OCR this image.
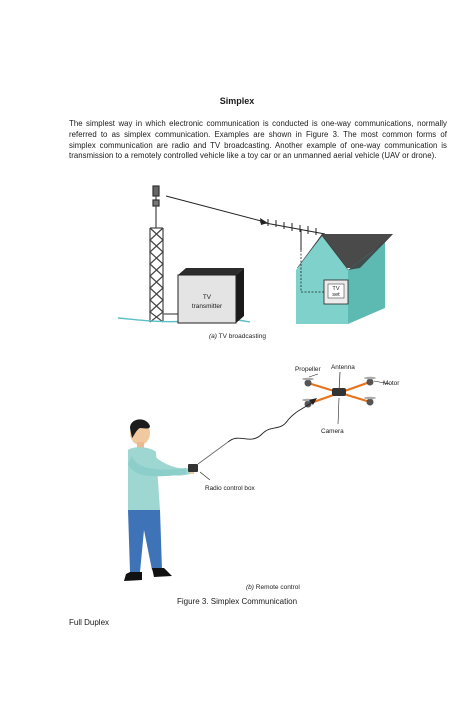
Simplex

The simplest way in which electronic communication is conducted is one-way communications, normally referred to as simplex communication. Examples are shown in Figure 3. The most common forms of simplex communication are radio and TV broadcasting. Another example of one-way communication is transmission to a remotely controlled vehicle like a toy car or an unmanned aerial vehicle (UAV or drone).

TV
transmitter
TV
set
(a) TV broadcasting
Propeller Antenna
Motor
Camera
Radio control box
(b) Remote control

Figure 3. Simplex Communication

Full Duplex
